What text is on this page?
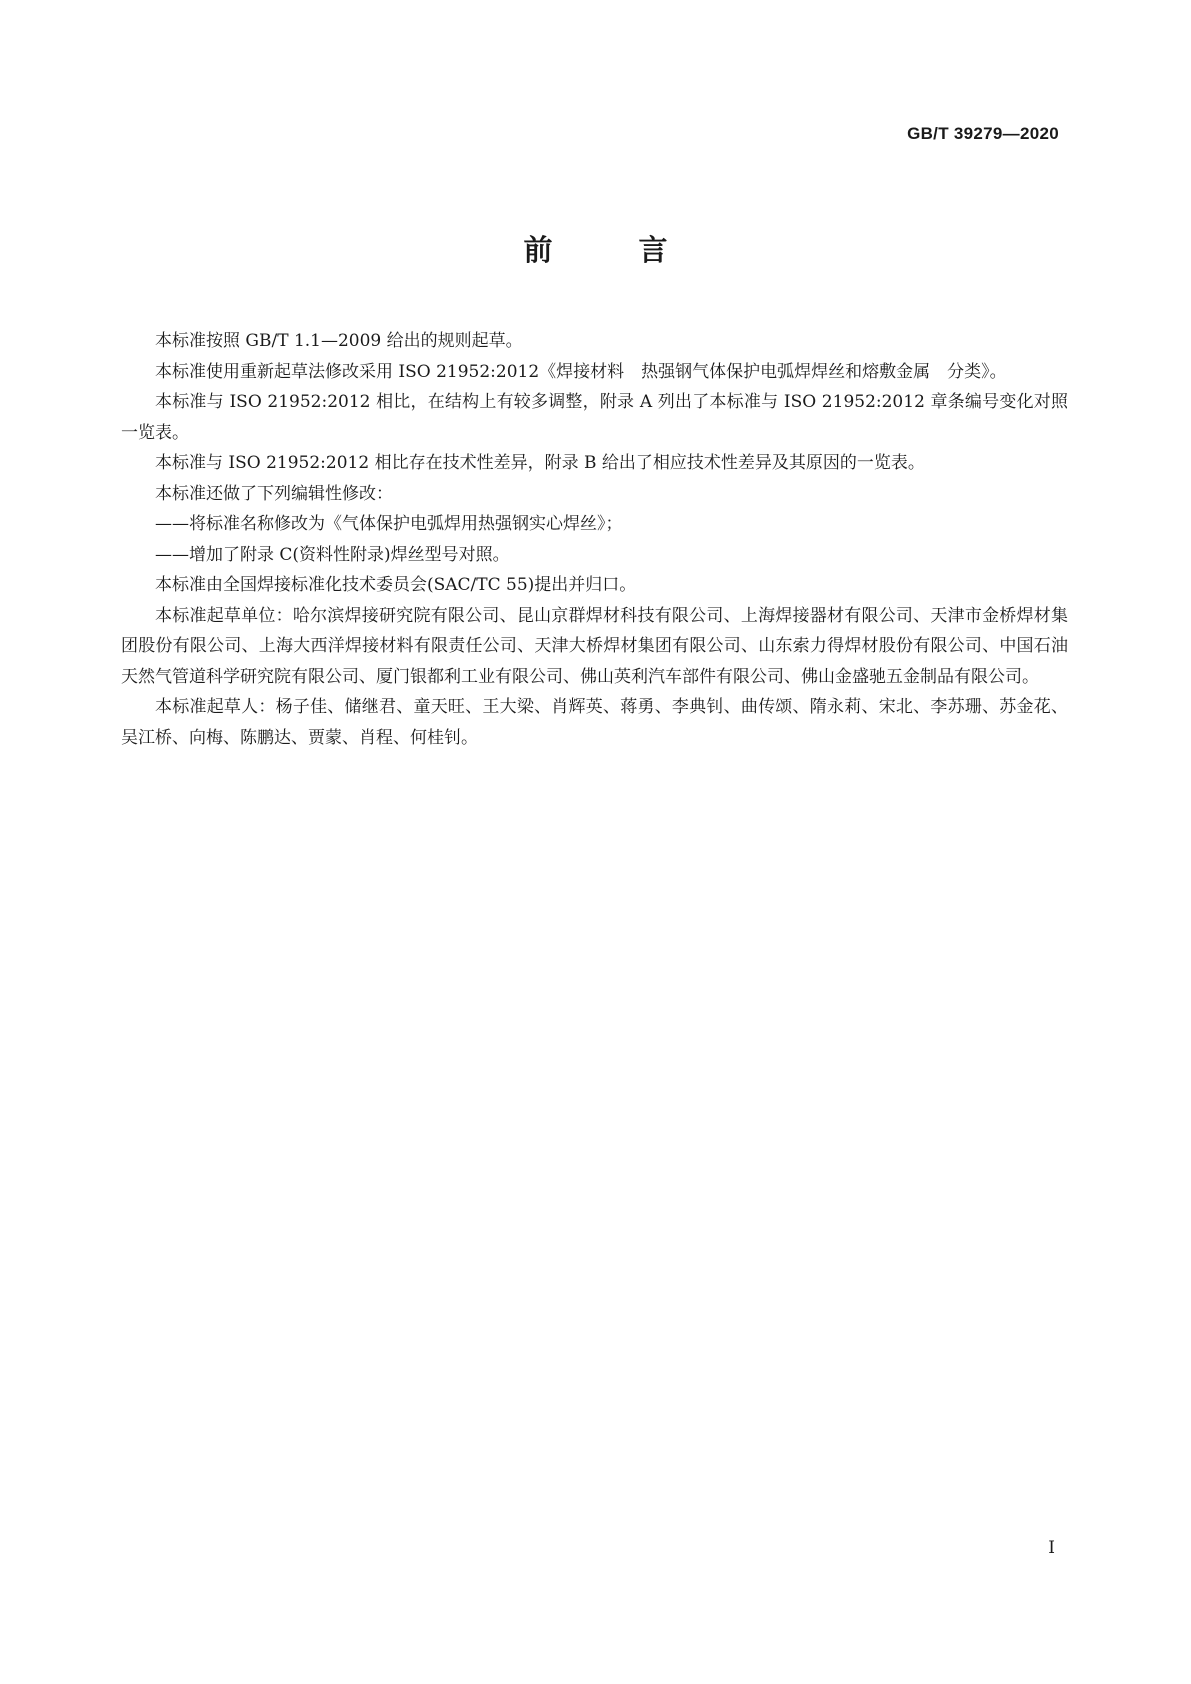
GB/T 39279—2020
前 言

本标准按照 GB/T 1.1—2009 给出的规则起草。

本标准使用重新起草法修改采用 ISO 21952:2012《焊接材料　热强钢气体保护电弧焊焊丝和熔敷金属　分类》。

本标准与 ISO 21952:2012 相比，在结构上有较多调整，附录 A 列出了本标准与 ISO 21952:2012 章条编号变化对照一览表。

本标准与 ISO 21952:2012 相比存在技术性差异，附录 B 给出了相应技术性差异及其原因的一览表。

本标准还做了下列编辑性修改：

——将标准名称修改为《气体保护电弧焊用热强钢实心焊丝》；

——增加了附录 C(资料性附录)焊丝型号对照。

本标准由全国焊接标准化技术委员会(SAC/TC 55)提出并归口。

本标准起草单位：哈尔滨焊接研究院有限公司、昆山京群焊材科技有限公司、上海焊接器材有限公司、天津市金桥焊材集团股份有限公司、上海大西洋焊接材料有限责任公司、天津大桥焊材集团有限公司、山东索力得焊材股份有限公司、中国石油天然气管道科学研究院有限公司、厦门银都利工业有限公司、佛山英利汽车部件有限公司、佛山金盛驰五金制品有限公司。

本标准起草人：杨子佳、储继君、童天旺、王大梁、肖辉英、蒋勇、李典钊、曲传颂、隋永莉、宋北、李苏珊、苏金花、吴江桥、向梅、陈鹏达、贾蒙、肖程、何桂钊。

I
